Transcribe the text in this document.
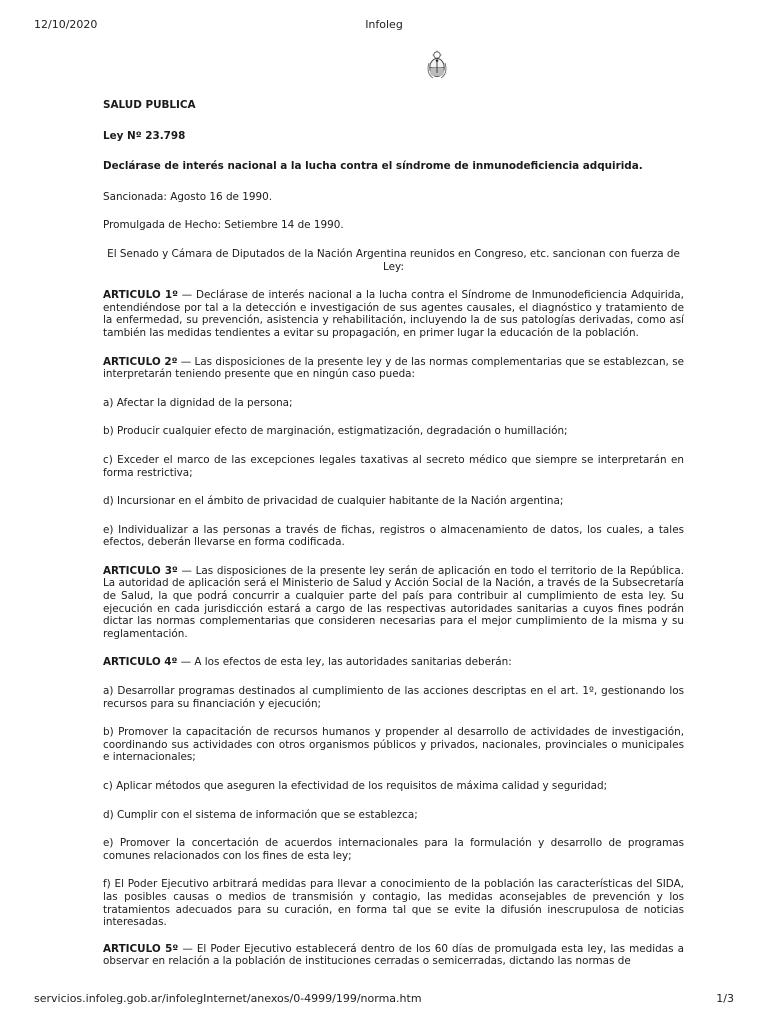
12/10/2020	Infoleg

SALUD PUBLICA

Ley Nº 23.798

Declárase de interés nacional a la lucha contra el síndrome de inmunodeficiencia adquirida.

Sancionada: Agosto 16 de 1990.

Promulgada de Hecho: Setiembre 14 de 1990.

El Senado y Cámara de Diputados de la Nación Argentina reunidos en Congreso, etc. sancionan con fuerza de Ley:

ARTICULO 1º — Declárase de interés nacional a la lucha contra el Síndrome de Inmunodeficiencia Adquirida, entendiéndose por tal a la detección e investigación de sus agentes causales, el diagnóstico y tratamiento de la enfermedad, su prevención, asistencia y rehabilitación, incluyendo la de sus patologías derivadas, como así también las medidas tendientes a evitar su propagación, en primer lugar la educación de la población.

ARTICULO 2º — Las disposiciones de la presente ley y de las normas complementarias que se establezcan, se interpretarán teniendo presente que en ningún caso pueda:

a) Afectar la dignidad de la persona;

b) Producir cualquier efecto de marginación, estigmatización, degradación o humillación;

c) Exceder el marco de las excepciones legales taxativas al secreto médico que siempre se interpretarán en forma restrictiva;

d) Incursionar en el ámbito de privacidad de cualquier habitante de la Nación argentina;

e) Individualizar a las personas a través de fichas, registros o almacenamiento de datos, los cuales, a tales efectos, deberán llevarse en forma codificada.

ARTICULO 3º — Las disposiciones de la presente ley serán de aplicación en todo el territorio de la República. La autoridad de aplicación será el Ministerio de Salud y Acción Social de la Nación, a través de la Subsecretaría de Salud, la que podrá concurrir a cualquier parte del país para contribuir al cumplimiento de esta ley. Su ejecución en cada jurisdicción estará a cargo de las respectivas autoridades sanitarias a cuyos fines podrán dictar las normas complementarias que consideren necesarias para el mejor cumplimiento de la misma y su reglamentación.

ARTICULO 4º — A los efectos de esta ley, las autoridades sanitarias deberán:

a) Desarrollar programas destinados al cumplimiento de las acciones descriptas en el art. 1º, gestionando los recursos para su financiación y ejecución;

b) Promover la capacitación de recursos humanos y propender al desarrollo de actividades de investigación, coordinando sus actividades con otros organismos públicos y privados, nacionales, provinciales o municipales e internacionales;

c) Aplicar métodos que aseguren la efectividad de los requisitos de máxima calidad y seguridad;

d) Cumplir con el sistema de información que se establezca;

e) Promover la concertación de acuerdos internacionales para la formulación y desarrollo de programas comunes relacionados con los fines de esta ley;

f) El Poder Ejecutivo arbitrará medidas para llevar a conocimiento de la población las características del SIDA, las posibles causas o medios de transmisión y contagio, las medidas aconsejables de prevención y los tratamientos adecuados para su curación, en forma tal que se evite la difusión inescrupulosa de noticias interesadas.

ARTICULO 5º — El Poder Ejecutivo establecerá dentro de los 60 días de promulgada esta ley, las medidas a observar en relación a la población de instituciones cerradas o semicerradas, dictando las normas de

servicios.infoleg.gob.ar/infolegInternet/anexos/0-4999/199/norma.htm	1/3
